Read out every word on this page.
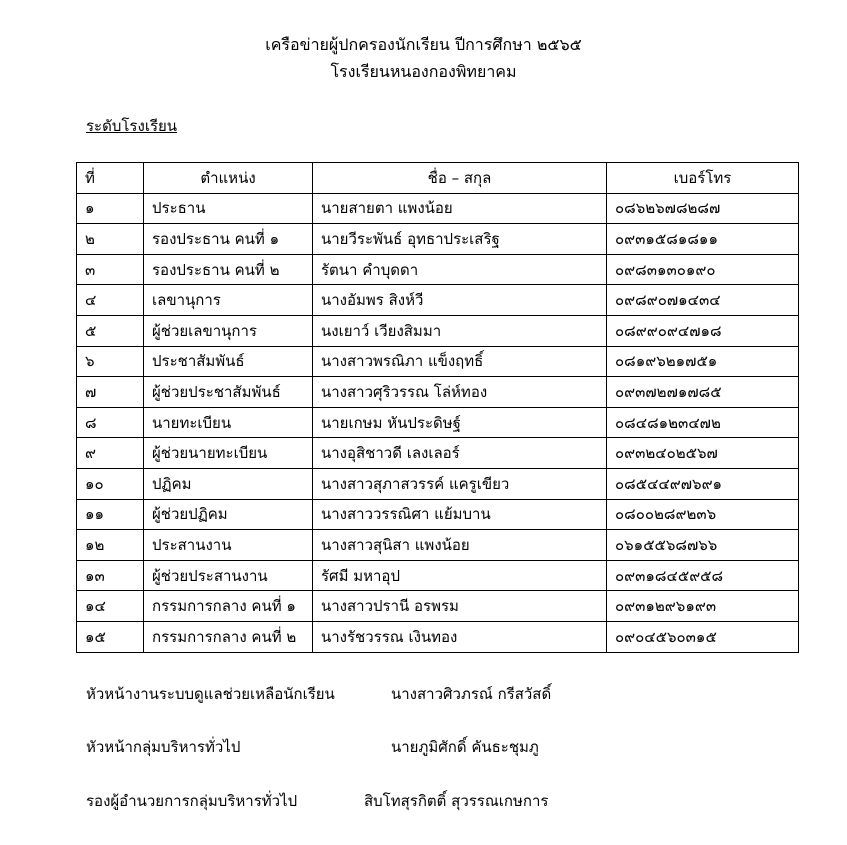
เครือข่ายผู้ปกครองนักเรียน ปีการศึกษา ๒๕๖๕
โรงเรียนหนองกองพิทยาคม
ระดับโรงเรียน
ที่	ตำแหน่ง	ชื่อ – สกุล	เบอร์โทร
๑	ประธาน	นายสายตา แพงน้อย	๐๘๖๒๖๗๘๒๘๗
๒	รองประธาน คนที่ ๑	นายวีระพันธ์ อุทธาประเสริฐ	๐๙๓๑๕๘๑๘๑๑
๓	รองประธาน คนที่ ๒	รัตนา คำบุดดา	๐๙๘๓๑๓๐๑๙๐
๔	เลขานุการ	นางอัมพร สิงห์วี	๐๙๘๙๐๗๑๔๓๔
๕	ผู้ช่วยเลขานุการ	นงเยาว์ เวียงสิมมา	๐๘๙๙๐๙๔๗๑๘
๖	ประชาสัมพันธ์	นางสาวพรณิภา แข็งฤทธิ์	๐๘๑๙๖๒๑๗๕๑
๗	ผู้ช่วยประชาสัมพันธ์	นางสาวศุริวรรณ โล่ห์ทอง	๐๙๓๗๒๗๑๗๘๕
๘	นายทะเบียน	นายเกษม หันประดิษฐ์	๐๘๔๘๑๒๓๔๗๒
๙	ผู้ช่วยนายทะเบียน	นางอุสิชาวดี เลงเลอร์	๐๙๓๒๔๐๒๕๖๗
๑๐	ปฏิคม	นางสาวสุภาสวรรค์ แครูเขียว	๐๘๕๔๔๙๗๖๙๑
๑๑	ผู้ช่วยปฏิคม	นางสาววรรณิศา แย้มบาน	๐๘๐๐๒๘๙๒๓๖
๑๒	ประสานงาน	นางสาวสุนิสา แพงน้อย	๐๖๑๕๕๖๘๗๖๖
๑๓	ผู้ช่วยประสานงาน	รัศมี มหาอุป	๐๙๓๑๘๔๕๙๕๘
๑๔	กรรมการกลาง คนที่ ๑	นางสาวปรานี อรพรม	๐๙๓๑๒๙๖๑๙๓
๑๕	กรรมการกลาง คนที่ ๒	นางรัชวรรณ เงินทอง	๐๙๐๔๕๖๐๓๑๕
หัวหน้างานระบบดูแลช่วยเหลือนักเรียน	นางสาวศิวภรณ์ กรีสวัสดิ์
หัวหน้ากลุ่มบริหารทั่วไป	นายภูมิศักดิ์ คันธะชุมภู
รองผู้อำนวยการกลุ่มบริหารทั่วไป	สิบโทสุรกิตติ์ สุวรรณเกษการ
